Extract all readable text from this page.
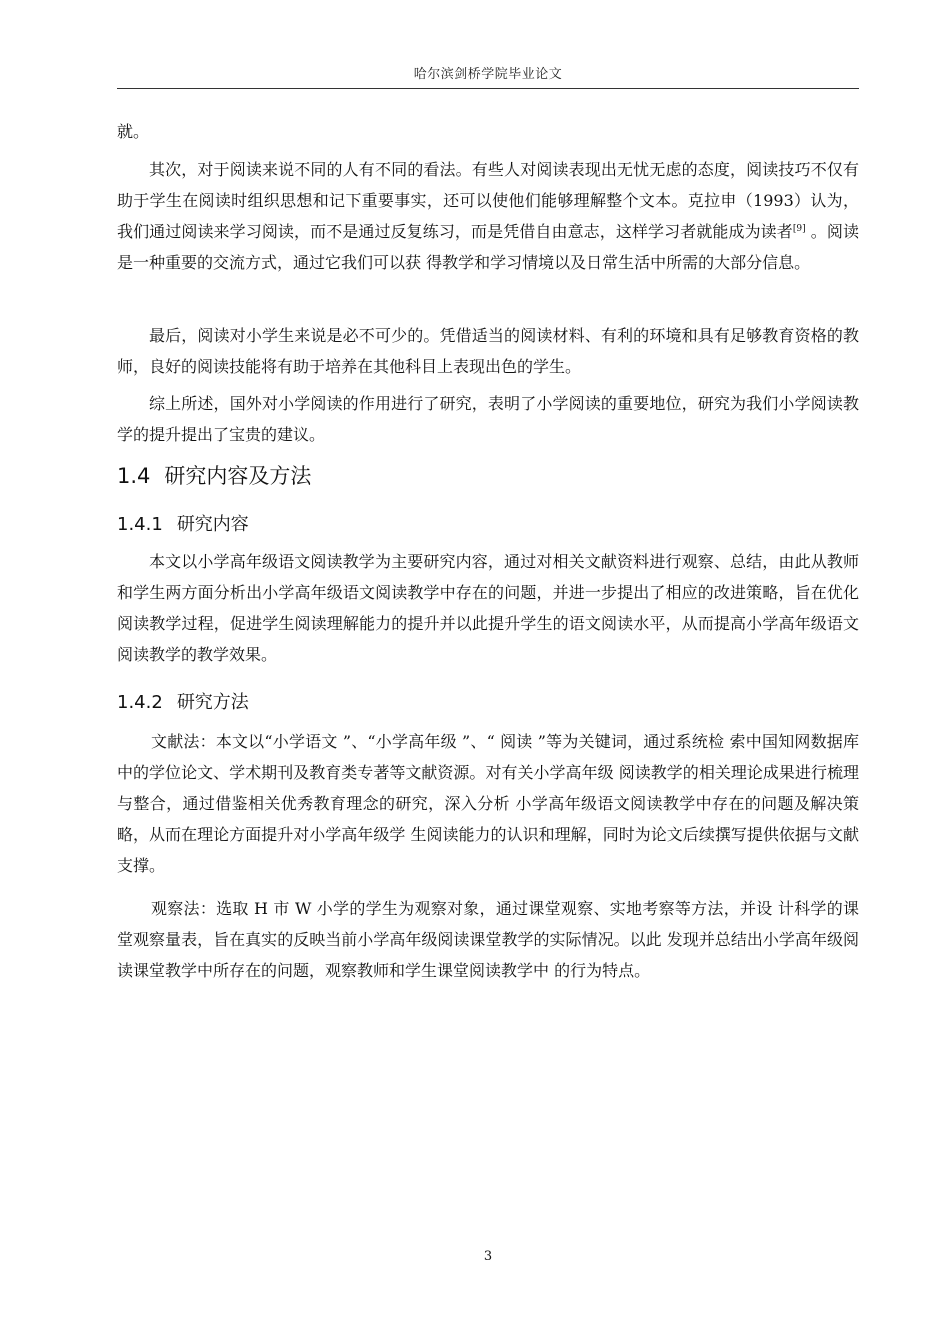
哈尔滨剑桥学院毕业论文

就。

其次，对于阅读来说不同的人有不同的看法。有些人对阅读表现出无忧无虑的态度，阅读技巧不仅有助于学生在阅读时组织思想和记下重要事实，还可以使他们能够理解整个文本。克拉申（1993）认为，我们通过阅读来学习阅读，而不是通过反复练习，而是凭借自由意志，这样学习者就能成为读者[9] 。阅读是一种重要的交流方式，通过它我们可以获 得教学和学习情境以及日常生活中所需的大部分信息。

最后，阅读对小学生来说是必不可少的。凭借适当的阅读材料、有利的环境和具有足够教育资格的教师，良好的阅读技能将有助于培养在其他科目上表现出色的学生。

综上所述，国外对小学阅读的作用进行了研究，表明了小学阅读的重要地位，研究为我们小学阅读教学的提升提出了宝贵的建议。

1.4 研究内容及方法
1.4.1 研究内容

本文以小学高年级语文阅读教学为主要研究内容，通过对相关文献资料进行观察、总结，由此从教师和学生两方面分析出小学高年级语文阅读教学中存在的问题，并进一步提出了相应的改进策略，旨在优化阅读教学过程，促进学生阅读理解能力的提升并以此提升学生的语文阅读水平，从而提高小学高年级语文阅读教学的教学效果。

1.4.2 研究方法

文献法：本文以“小学语文 ”、“小学高年级 ”、“ 阅读 ”等为关键词，通过系统检 索中国知网数据库中的学位论文、学术期刊及教育类专著等文献资源。对有关小学高年级 阅读教学的相关理论成果进行梳理与整合，通过借鉴相关优秀教育理念的研究，深入分析 小学高年级语文阅读教学中存在的问题及解决策略，从而在理论方面提升对小学高年级学 生阅读能力的认识和理解，同时为论文后续撰写提供依据与文献支撑。

观察法：选取 H 市 W 小学的学生为观察对象，通过课堂观察、实地考察等方法，并设 计科学的课堂观察量表，旨在真实的反映当前小学高年级阅读课堂教学的实际情况。以此 发现并总结出小学高年级阅读课堂教学中所存在的问题，观察教师和学生课堂阅读教学中 的行为特点。

3
